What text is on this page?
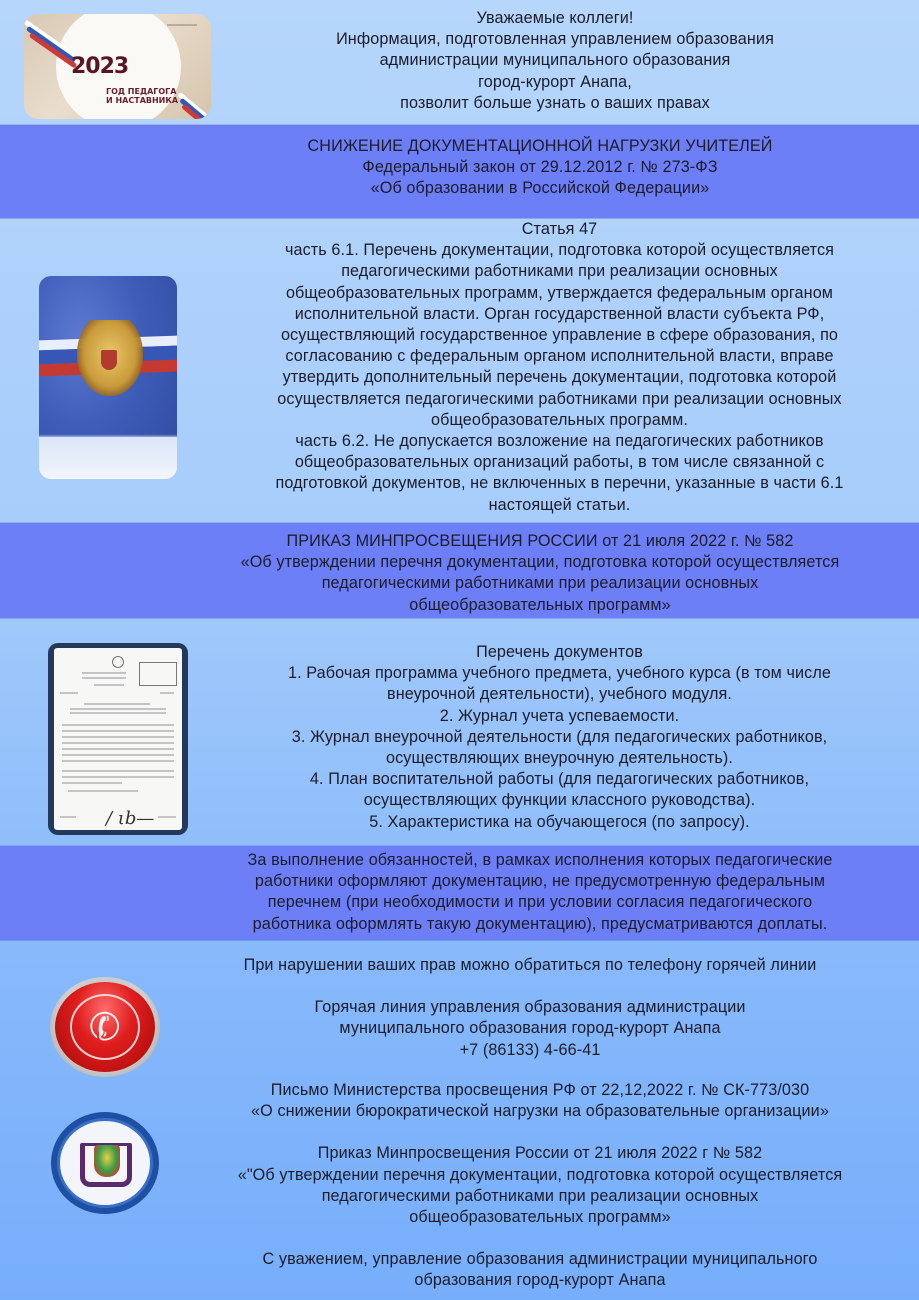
2023
ГОД ПЕДАГОГА
И НАСТАВНИКА
Уважаемые коллеги!
Информация, подготовленная управлением образования
администрации муниципального образования
город-курорт Анапа,
позволит больше узнать о ваших правах
СНИЖЕНИЕ ДОКУМЕНТАЦИОННОЙ НАГРУЗКИ УЧИТЕЛЕЙ
Федеральный закон от 29.12.2012 г. № 273-ФЗ
«Об образовании в Российской Федерации»
Статья 47
часть 6.1. Перечень документации, подготовка которой осуществляется
педагогическими работниками при реализации основных
общеобразовательных программ, утверждается федеральным органом
исполнительной власти. Орган государственной власти субъекта РФ,
осуществляющий государственное управление в сфере образования, по
согласованию с федеральным органом исполнительной власти, вправе
утвердить дополнительный перечень документации, подготовка которой
осуществляется педагогическими работниками при реализации основных
общеобразовательных программ.
часть 6.2. Не допускается возложение на педагогических работников
общеобразовательных организаций работы, в том числе связанной с
подготовкой документов, не включенных в перечни, указанные в части 6.1
настоящей статьи.
ПРИКАЗ МИНПРОСВЕЩЕНИЯ РОССИИ от 21 июля 2022 г. № 582
«Об утверждении перечня документации, подготовка которой осуществляется
педагогическими работниками при реализации основных
общеобразовательных программ»
/ ιb—
Перечень документов
1. Рабочая программа учебного предмета, учебного курса (в том числе
внеурочной деятельности), учебного модуля.
2. Журнал учета успеваемости.
3. Журнал внеурочной деятельности (для педагогических работников,
осуществляющих внеурочную деятельность).
4. План воспитательной работы (для педагогических работников,
осуществляющих функции классного руководства).
5. Характеристика на обучающегося (по запросу).
За выполнение обязанностей, в рамках исполнения которых педагогические
работники оформляют документацию, не предусмотренную федеральным
перечнем (при необходимости и при условии согласия педагогического
работника оформлять такую документацию), предусматриваются доплаты.
✆
При нарушении ваших прав можно обратиться по телефону горячей линии
Горячая линия управления образования администрации
муниципального образования город-курорт Анапа
+7 (86133) 4-66-41
Письмо Министерства просвещения РФ от 22,12,2022 г. № СК-773/030
«О снижении бюрократической нагрузки на образовательные организации»
Приказ Минпросвещения России от 21 июля 2022 г № 582
«"Об утверждении перечня документации, подготовка которой осуществляется
педагогическими работниками при реализации основных
общеобразовательных программ»
С уважением, управление образования администрации муниципального
образования город-курорт Анапа
